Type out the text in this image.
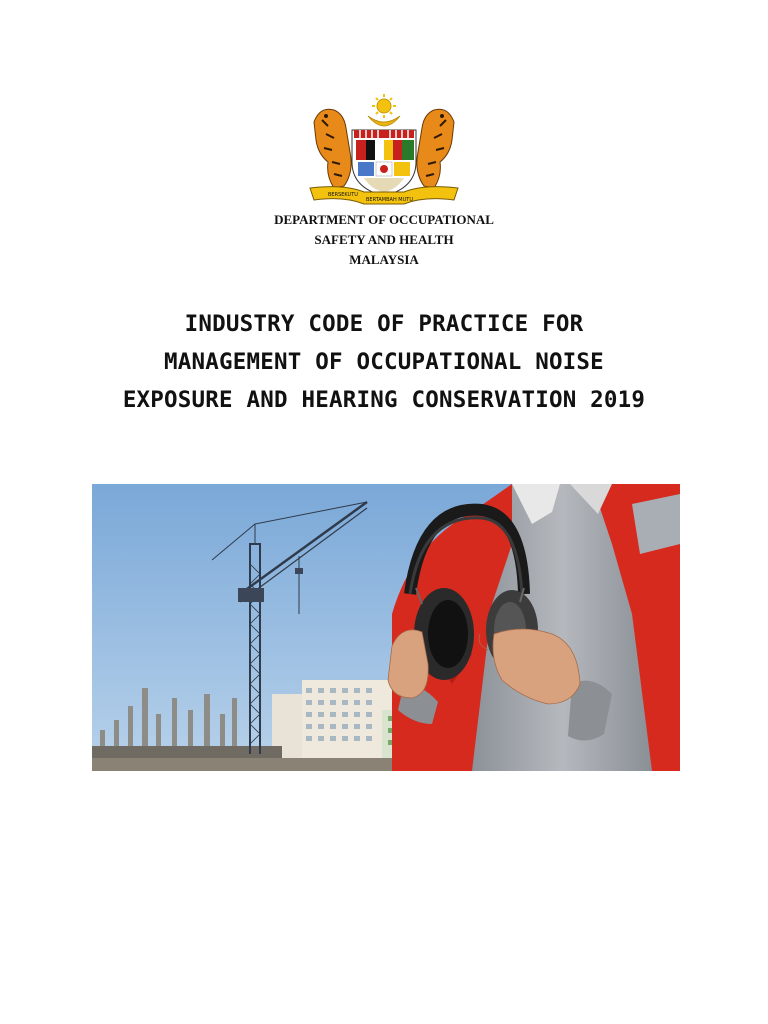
BERSEKUTU
BERTAMBAH MUTU
DEPARTMENT OF OCCUPATIONAL
SAFETY AND HEALTH
MALAYSIA
INDUSTRY CODE OF PRACTICE FOR
MANAGEMENT OF OCCUPATIONAL NOISE
EXPOSURE AND HEARING CONSERVATION 2019
